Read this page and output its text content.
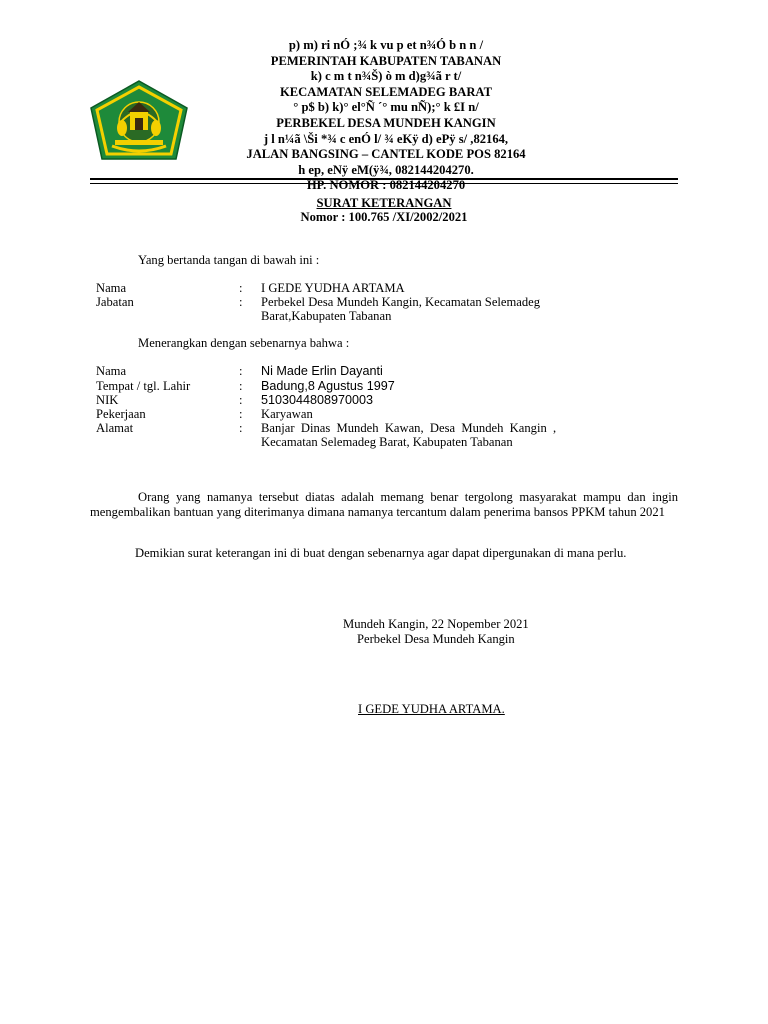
p) m) ri nÓ ;¾ k vu p et n¾Ó b n n /
PEMERINTAH KABUPATEN TABANAN
k) c m t n¾Š) ò m d)g¾ã r t/
KECAMATAN SELEMADEG BARAT
° p$ b) k)° el°Ñ ´° mu nÑ);° k £I n/
PERBEKEL DESA MUNDEH KANGIN
j l n¼ã \Ši *¾ c enÓ l/ ¾ eKÿ d) ePÿ s/ ,82164,
JALAN BANGSING – CANTEL KODE POS 82164
h ep, eNÿ eM(ÿ¾, 082144204270.
HP. NOMOR : 082144204270
SURAT KETERANGAN
Nomor : 100.765 /XI/2002/2021
Yang bertanda tangan di bawah ini :
Nama	: I GEDE YUDHA ARTAMA
Jabatan	: Perbekel Desa Mundeh Kangin, Kecamatan Selemadeg
Barat,Kabupaten Tabanan
Menerangkan dengan sebenarnya bahwa :
Nama	: Ni Made Erlin Dayanti
Tempat / tgl. Lahir	: Badung,8 Agustus 1997
NIK	: 5103044808970003
Pekerjaan	: Karyawan
Alamat	: Banjar  Dinas  Mundeh  Kawan,  Desa  Mundeh  Kangin  ,
Kecamatan Selemadeg Barat, Kabupaten Tabanan
Orang yang namanya tersebut diatas adalah memang benar tergolong masyarakat mampu dan ingin mengembalikan bantuan yang diterimanya dimana namanya tercantum dalam penerima bansos PPKM tahun 2021
Demikian surat keterangan ini di buat dengan sebenarnya agar dapat dipergunakan di mana perlu.
Mundeh Kangin, 22 Nopember 2021
Perbekel Desa Mundeh Kangin
I GEDE YUDHA ARTAMA.
